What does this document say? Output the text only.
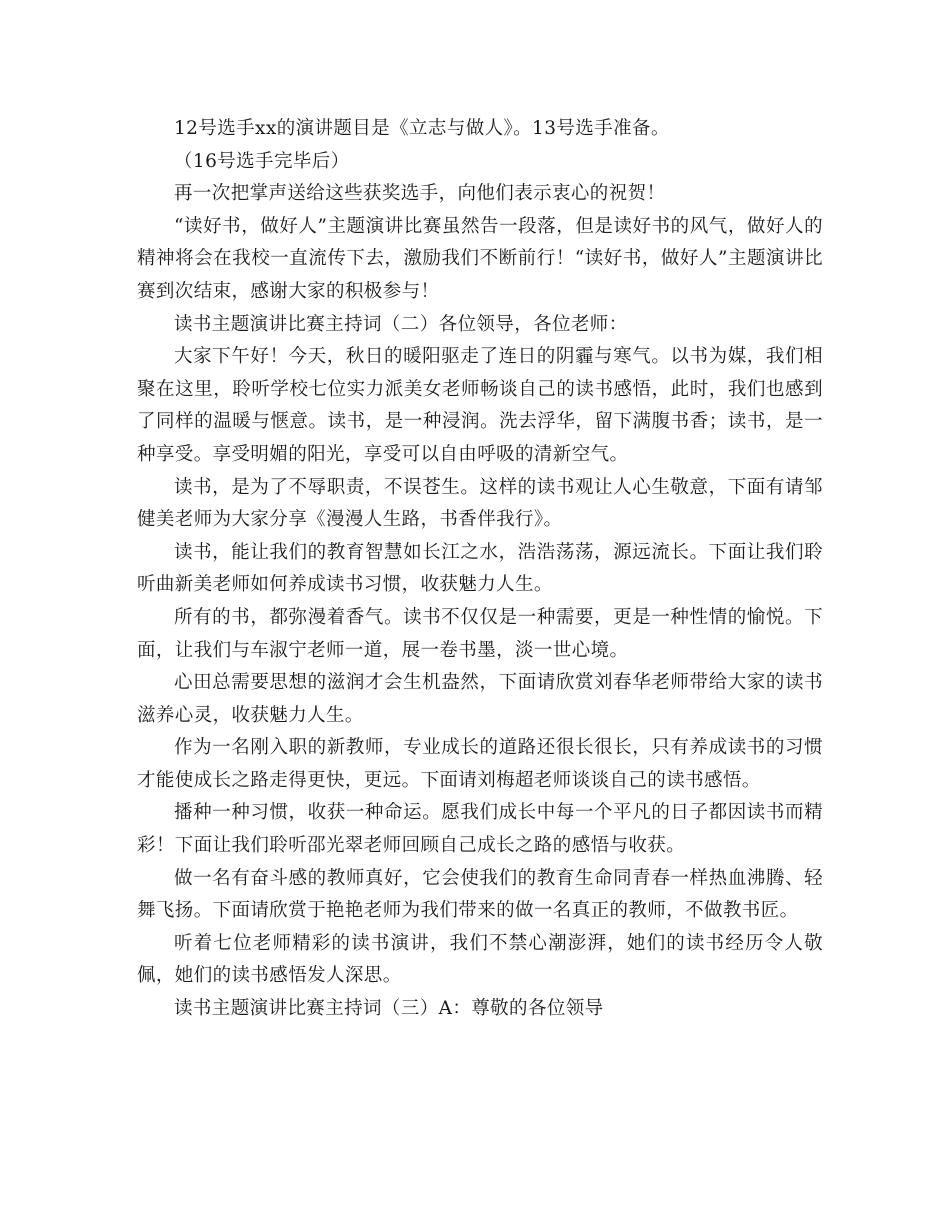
12号选手xx的演讲题目是《立志与做人》。13号选手准备。

（16号选手完毕后）

再一次把掌声送给这些获奖选手，向他们表示衷心的祝贺！

“读好书，做好人”主题演讲比赛虽然告一段落，但是读好书的风气，做好人的精神将会在我校一直流传下去，激励我们不断前行！“读好书，做好人”主题演讲比赛到次结束，感谢大家的积极参与！

读书主题演讲比赛主持词（二）各位领导，各位老师：

大家下午好！今天，秋日的暖阳驱走了连日的阴霾与寒气。以书为媒，我们相聚在这里，聆听学校七位实力派美女老师畅谈自己的读书感悟，此时，我们也感到了同样的温暖与惬意。读书，是一种浸润。洗去浮华，留下满腹书香；读书，是一种享受。享受明媚的阳光，享受可以自由呼吸的清新空气。

读书，是为了不辱职责，不误苍生。这样的读书观让人心生敬意，下面有请邹健美老师为大家分享《漫漫人生路，书香伴我行》。

读书，能让我们的教育智慧如长江之水，浩浩荡荡，源远流长。下面让我们聆听曲新美老师如何养成读书习惯，收获魅力人生。

所有的书，都弥漫着香气。读书不仅仅是一种需要，更是一种性情的愉悦。下面，让我们与车淑宁老师一道，展一卷书墨，淡一世心境。

心田总需要思想的滋润才会生机盎然，下面请欣赏刘春华老师带给大家的读书滋养心灵，收获魅力人生。

作为一名刚入职的新教师，专业成长的道路还很长很长，只有养成读书的习惯才能使成长之路走得更快，更远。下面请刘梅超老师谈谈自己的读书感悟。

播种一种习惯，收获一种命运。愿我们成长中每一个平凡的日子都因读书而精彩！下面让我们聆听邵光翠老师回顾自己成长之路的感悟与收获。

做一名有奋斗感的教师真好，它会使我们的教育生命同青春一样热血沸腾、轻舞飞扬。下面请欣赏于艳艳老师为我们带来的做一名真正的教师，不做教书匠。

听着七位老师精彩的读书演讲，我们不禁心潮澎湃，她们的读书经历令人敬佩，她们的读书感悟发人深思。

读书主题演讲比赛主持词（三）A：尊敬的各位领导
